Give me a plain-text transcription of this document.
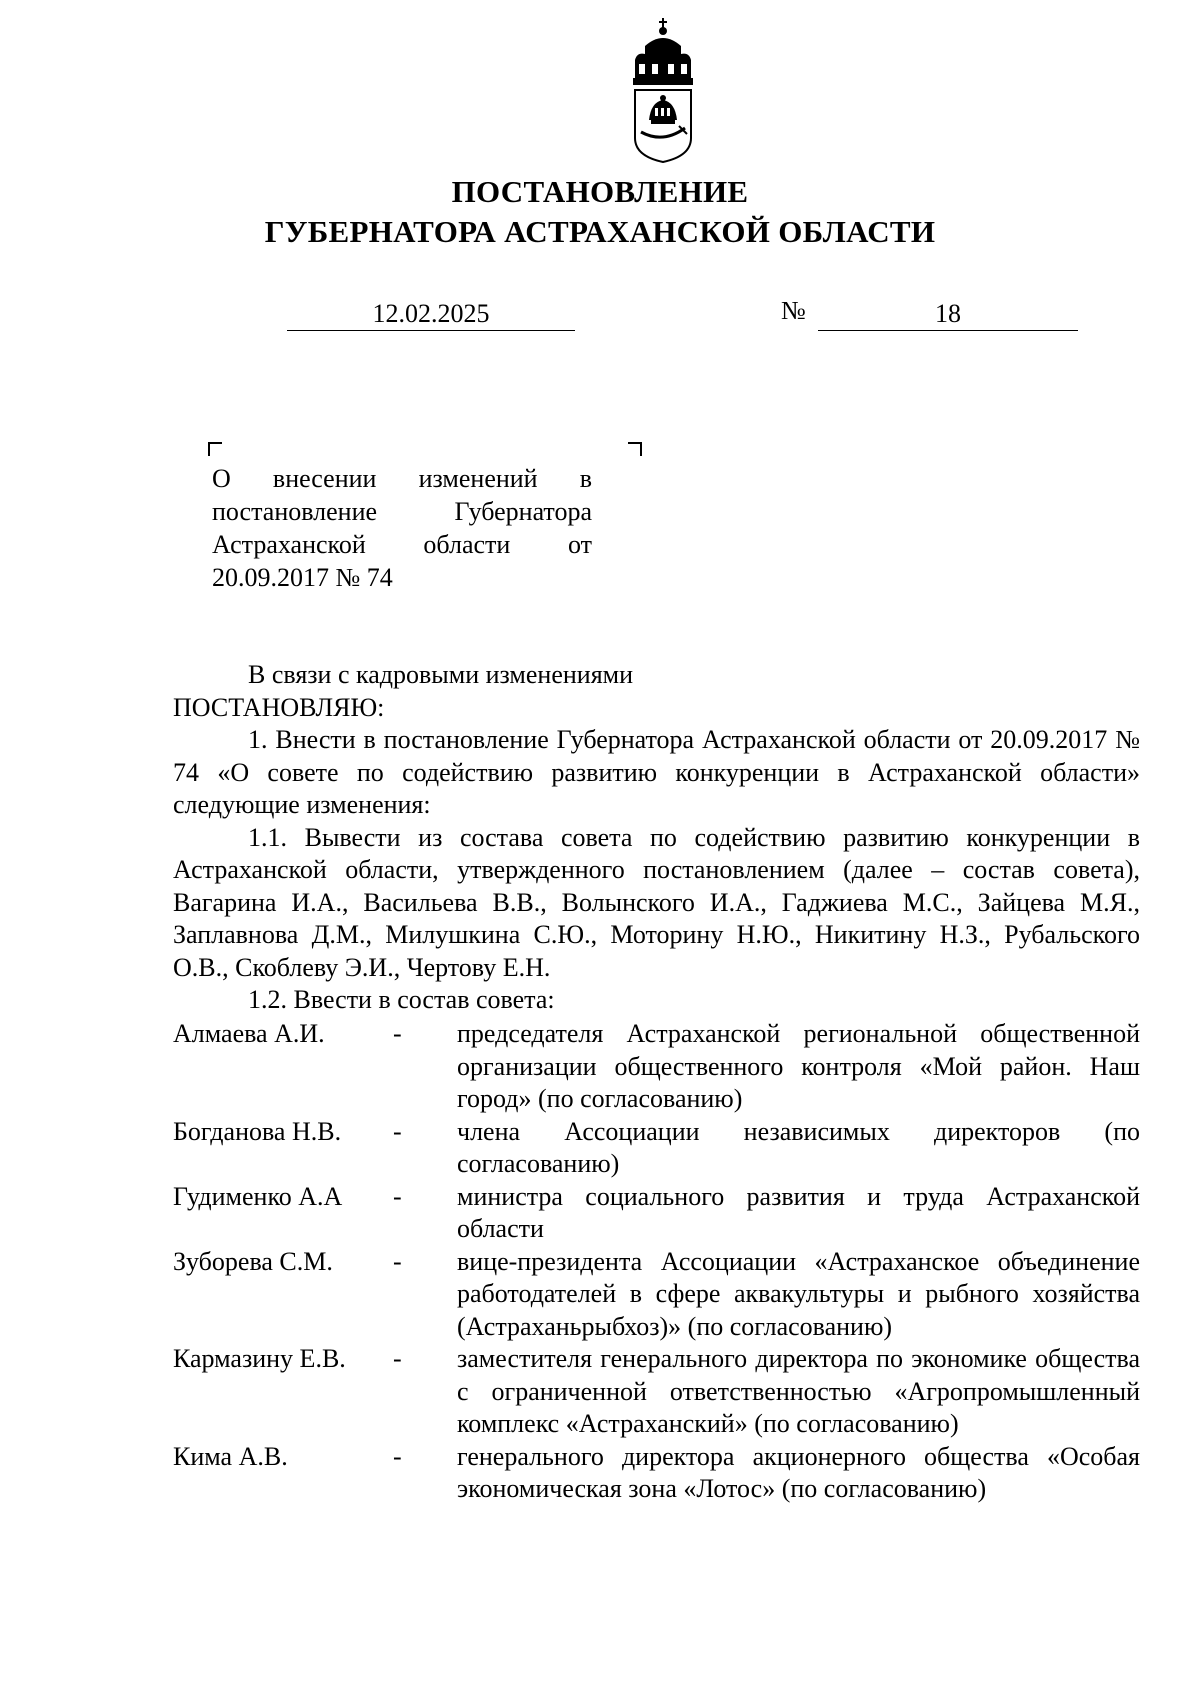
ПОСТАНОВЛЕНИЕ
ГУБЕРНАТОРА АСТРАХАНСКОЙ ОБЛАСТИ
12.02.2025	№	18
О внесении изменений в
постановление	Губернатора
Астраханской области от
20.09.2017 № 74

В связи с кадровыми изменениями

ПОСТАНОВЛЯЮ:

1. Внести в постановление Губернатора Астраханской области от 20.09.2017 № 74 «О совете по содействию развитию конкуренции в Астраханской области» следующие изменения:

1.1. Вывести из состава совета по содействию развитию конкуренции в Астраханской области, утвержденного постановлением (далее – состав совета), Вагарина И.А., Васильева В.В., Волынского И.А., Гаджиева М.С., Зайцева М.Я., Заплавнова Д.М., Милушкина С.Ю., Моторину Н.Ю., Никитину Н.З., Рубальского О.В., Скоблеву Э.И., Чертову Е.Н.

1.2. Ввести в состав совета:

Алмаева А.И.	-	председателя Астраханской региональной общественной организации общественного контроля «Мой район. Наш город» (по согласованию)
Богданова Н.В.	-	члена Ассоциации независимых директоров (по согласованию)
Гудименко А.А	-	министра социального развития и труда Астраханской области
Зуборева С.М.	-	вице-президента Ассоциации «Астраханское объединение работодателей в сфере аквакультуры и рыбного хозяйства (Астраханьрыбхоз)» (по согласованию)
Кармазину Е.В.	-	заместителя генерального директора по экономике общества с ограниченной ответственностью «Агропромышленный комплекс «Астраханский» (по согласованию)
Кима А.В.	-	генерального директора акционерного общества «Особая экономическая зона «Лотос» (по согласованию)
